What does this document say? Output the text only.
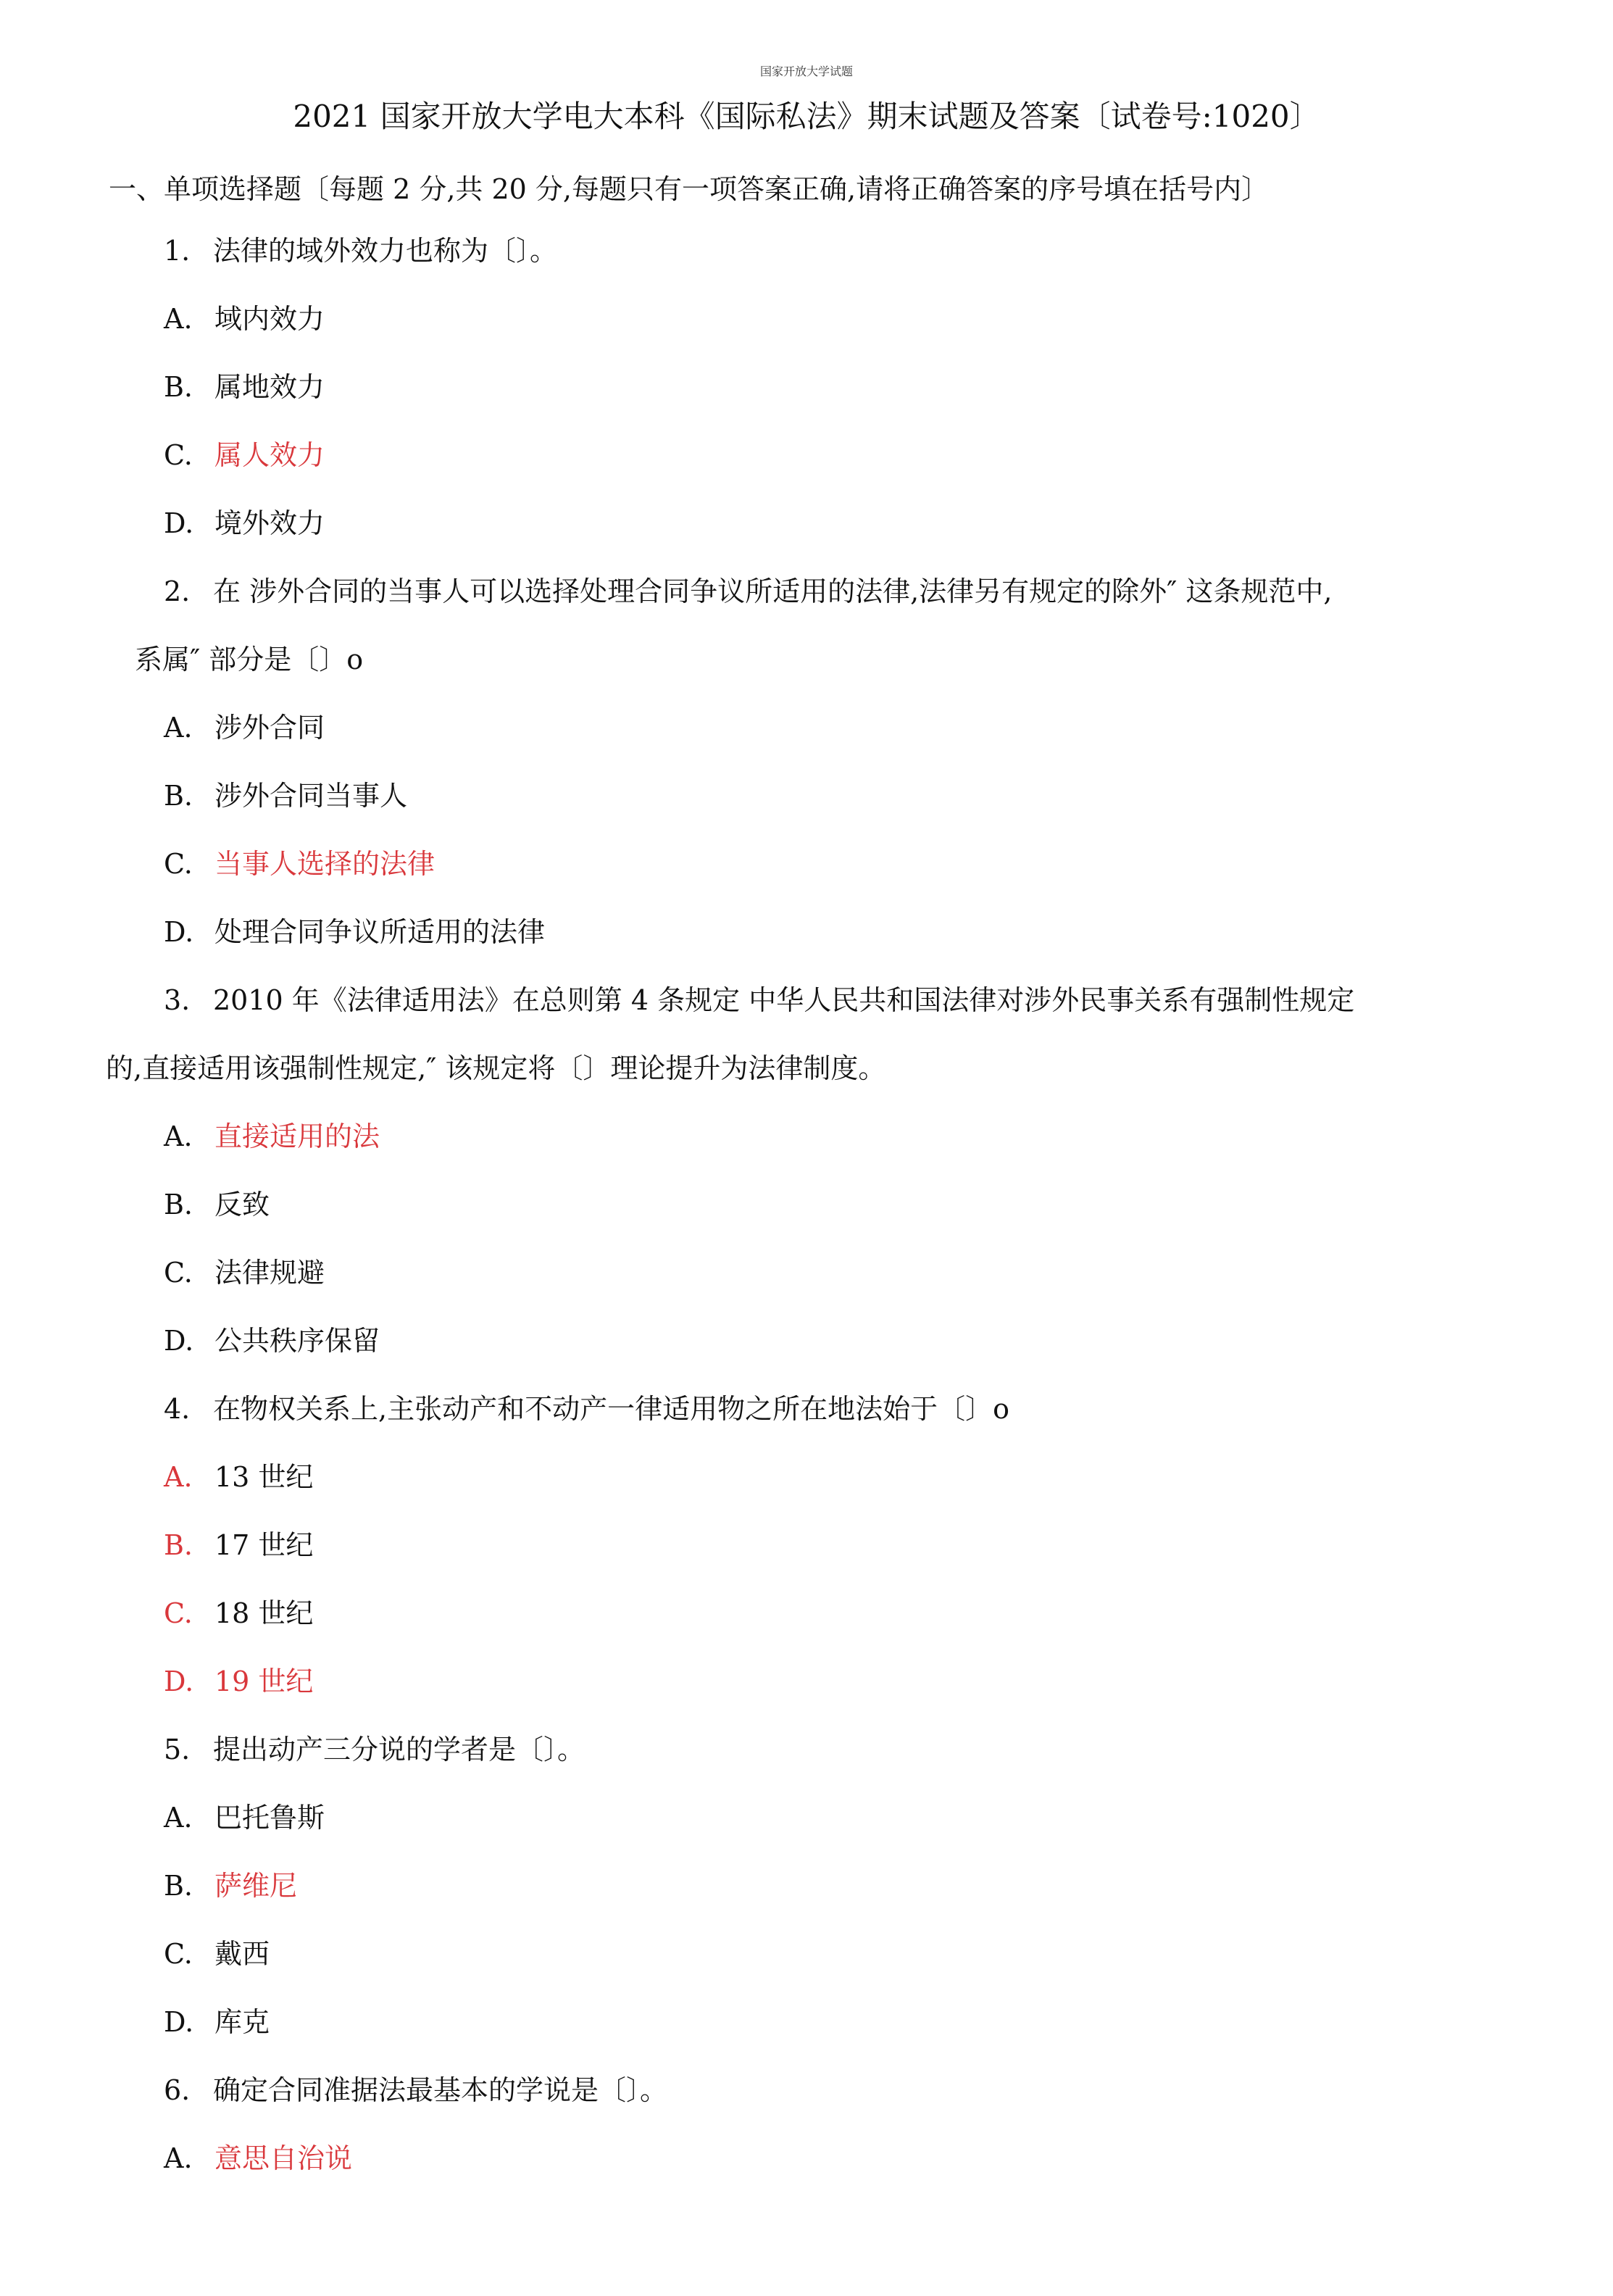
国家开放大学试题
2021 国家开放大学电大本科《国际私法》期末试题及答案〔试卷号:1020〕
一、单项选择题〔每题 2 分,共 20 分,每题只有一项答案正确,请将正确答案的序号填在括号内〕
1. 法律的域外效力也称为〔〕。
A. 域内效力
B. 属地效力
C. 属人效力
D. 境外效力
2. 在 涉外合同的当事人可以选择处理合同争议所适用的法律,法律另有规定的除外″ 这条规范中,
系属″ 部分是〔〕o
A. 涉外合同
B. 涉外合同当事人
C. 当事人选择的法律
D. 处理合同争议所适用的法律
3. 2010 年《法律适用法》在总则第 4 条规定 中华人民共和国法律对涉外民事关系有强制性规定
的,直接适用该强制性规定,″ 该规定将〔〕理论提升为法律制度。
A. 直接适用的法
B. 反致
C. 法律规避
D. 公共秩序保留
4. 在物权关系上,主张动产和不动产一律适用物之所在地法始于〔〕o
A. 13 世纪
B. 17 世纪
C. 18 世纪
D. 19 世纪
5. 提出动产三分说的学者是〔〕。
A. 巴托鲁斯
B. 萨维尼
C. 戴西
D. 库克
6. 确定合同准据法最基本的学说是〔〕。
A. 意思自治说
